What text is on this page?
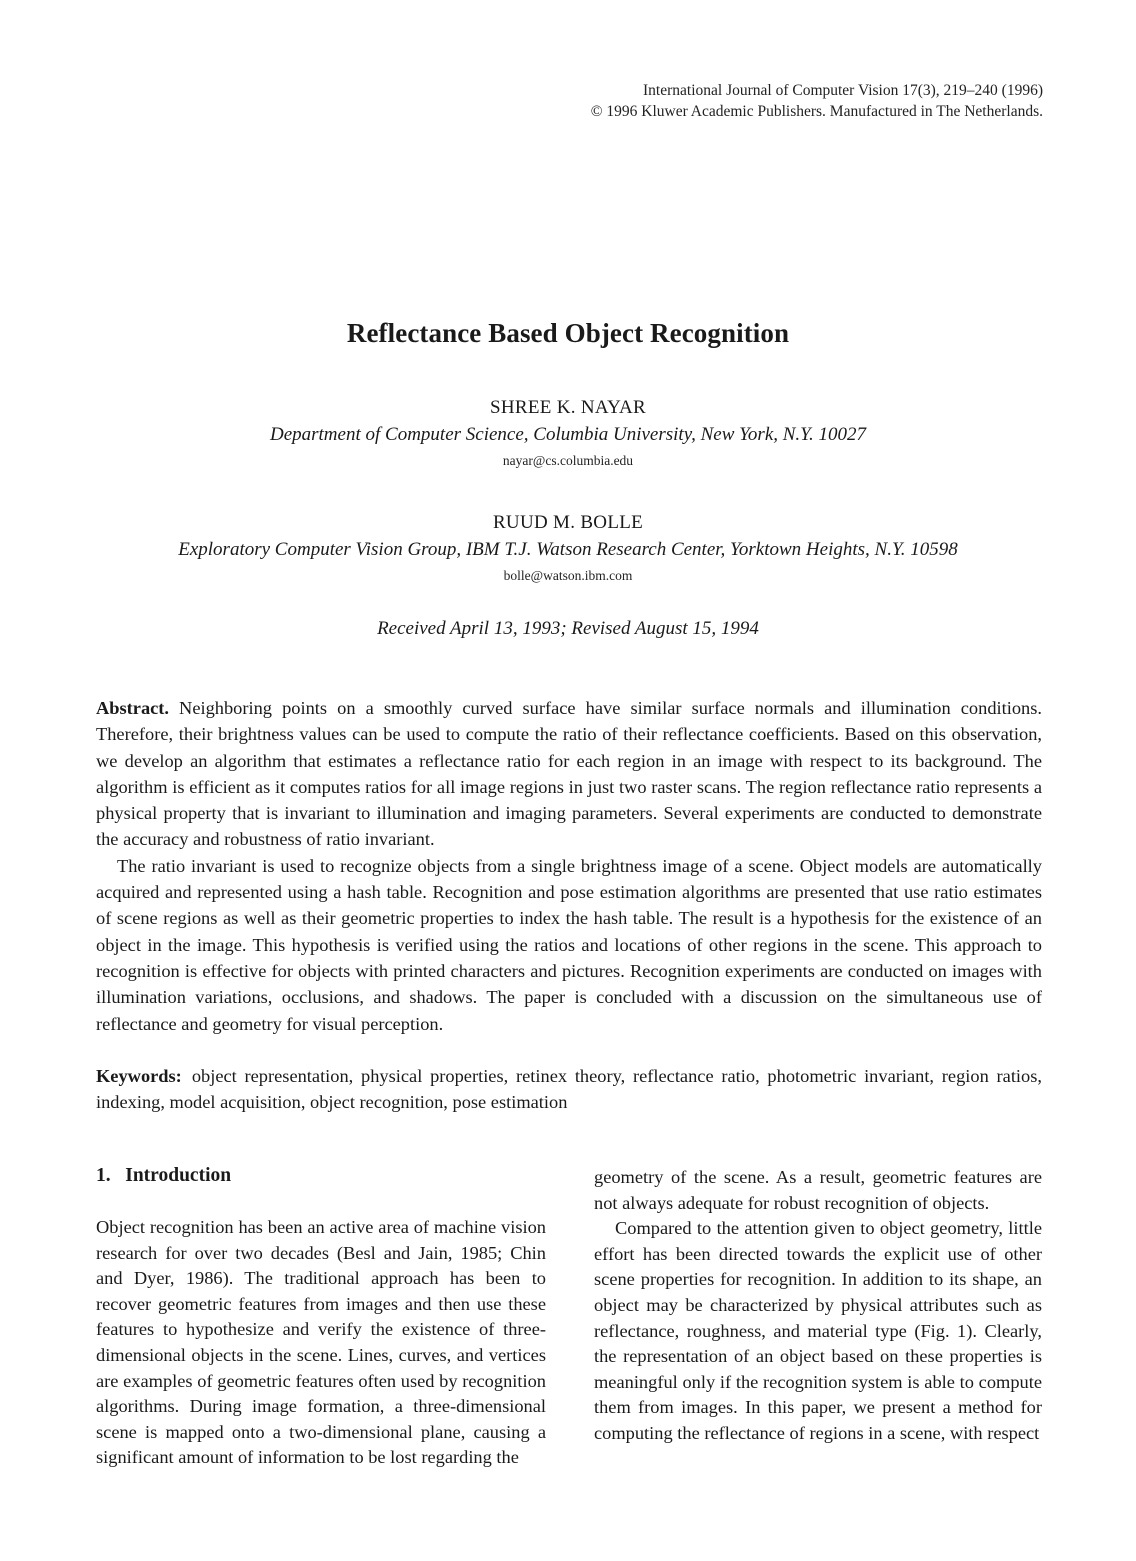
International Journal of Computer Vision 17(3), 219–240 (1996)
© 1996 Kluwer Academic Publishers. Manufactured in The Netherlands.
Reflectance Based Object Recognition
SHREE K. NAYAR
Department of Computer Science, Columbia University, New York, N.Y. 10027
nayar@cs.columbia.edu
RUUD M. BOLLE
Exploratory Computer Vision Group, IBM T.J. Watson Research Center, Yorktown Heights, N.Y. 10598
bolle@watson.ibm.com
Received April 13, 1993; Revised August 15, 1994

Abstract. Neighboring points on a smoothly curved surface have similar surface normals and illumination conditions. Therefore, their brightness values can be used to compute the ratio of their reflectance coefficients. Based on this observation, we develop an algorithm that estimates a reflectance ratio for each region in an image with respect to its background. The algorithm is efficient as it computes ratios for all image regions in just two raster scans. The region reflectance ratio represents a physical property that is invariant to illumination and imaging parameters. Several experiments are conducted to demonstrate the accuracy and robustness of ratio invariant.

The ratio invariant is used to recognize objects from a single brightness image of a scene. Object models are automatically acquired and represented using a hash table. Recognition and pose estimation algorithms are presented that use ratio estimates of scene regions as well as their geometric properties to index the hash table. The result is a hypothesis for the existence of an object in the image. This hypothesis is verified using the ratios and locations of other regions in the scene. This approach to recognition is effective for objects with printed characters and pictures. Recognition experiments are conducted on images with illumination variations, occlusions, and shadows. The paper is concluded with a discussion on the simultaneous use of reflectance and geometry for visual perception.

Keywords: object representation, physical properties, retinex theory, reflectance ratio, photometric invariant, region ratios, indexing, model acquisition, object recognition, pose estimation
1.   Introduction

Object recognition has been an active area of machine vision research for over two decades (Besl and Jain, 1985; Chin and Dyer, 1986). The traditional approach has been to recover geometric features from images and then use these features to hypothesize and verify the existence of three-dimensional objects in the scene. Lines, curves, and vertices are examples of geometric features often used by recognition algorithms. During image formation, a three-dimensional scene is mapped onto a two-dimensional plane, causing a significant amount of information to be lost regarding the

geometry of the scene. As a result, geometric features are not always adequate for robust recognition of objects.

Compared to the attention given to object geometry, little effort has been directed towards the explicit use of other scene properties for recognition. In addition to its shape, an object may be characterized by physical attributes such as reflectance, roughness, and material type (Fig. 1). Clearly, the representation of an object based on these properties is meaningful only if the recognition system is able to compute them from images. In this paper, we present a method for computing the reflectance of regions in a scene, with respect
